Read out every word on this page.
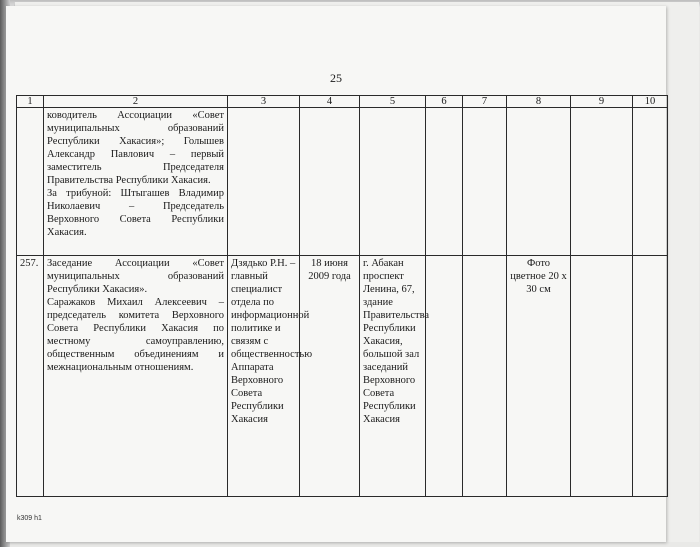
25
1	2	3	4	5	6	7	8	9	10
	ководитель Ассоциации «Совет муниципальных образований Республики Хакасия»; Голышев Александр Павлович – первый заместитель Председателя Правительства Республики Хакасия.
За трибуной: Штыгашев Владимир Николаевич – Председатель Верховного Совета Республики Хакасия.								
257.	Заседание Ассоциации «Совет муниципальных образований Республики Хакасия».
Саражаков Михаил Алексеевич – председатель комитета Верховного Совета Республики Хакасия по местному самоуправлению, общественным объединениям и межнациональным отношениям.	Дзядько Р.Н. – главный специалист отдела по информационной политике и связям с общественностью Аппарата Верховного Совета Республики Хакасия	18 июня 2009 года	г. Абакан проспект Ленина, 67, здание Правительства Республики Хакасия, большой зал заседаний Верховного Совета Республики Хакасия			Фото цветное 20 х 30 см		
k309 h1
